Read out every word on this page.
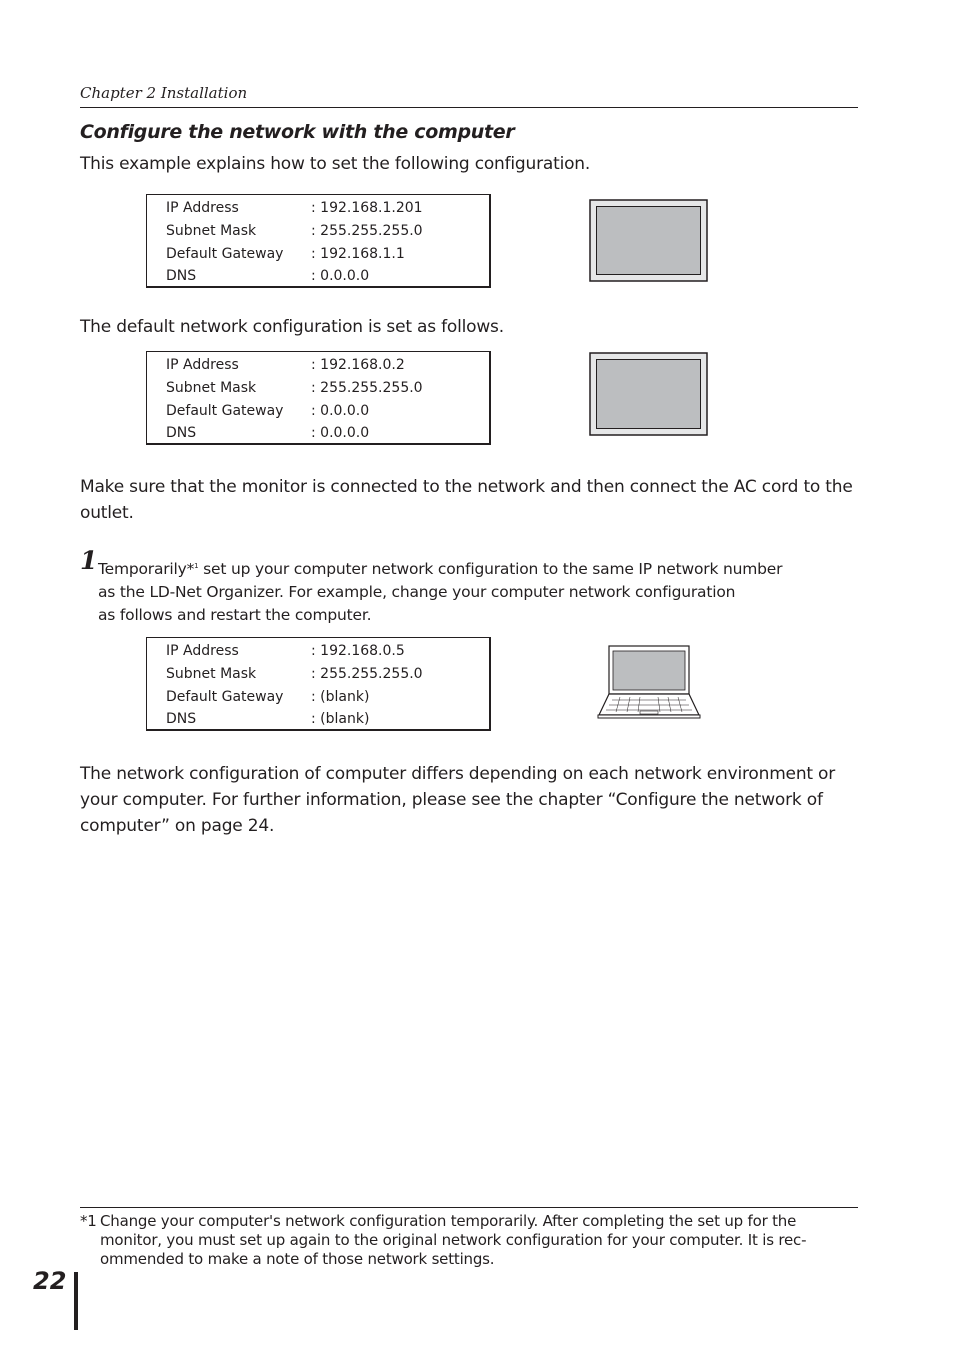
Chapter 2 Installation
Configure the network with the computer
This example explains how to set the following configuration.
IP Address	: 192.168.1.201
Subnet Mask	: 255.255.255.0
Default Gateway	: 192.168.1.1
DNS	: 0.0.0.0
The default network configuration is set as follows.
IP Address	: 192.168.0.2
Subnet Mask	: 255.255.255.0
Default Gateway	: 0.0.0.0
DNS	: 0.0.0.0
Make sure that the monitor is connected to the network and then connect the AC cord to the outlet.
1 Temporarily*$^1$ set up your computer network configuration to the same IP network number
as the LD-Net Organizer. For example, change your computer network configuration
as follows and restart the computer.
IP Address	: 192.168.0.5
Subnet Mask	: 255.255.255.0
Default Gateway	: (blank)
DNS	: (blank)
The network configuration of computer differs depending on each network environment or your computer. For further information, please see the chapter “Configure the network of computer” on page 24.
*1 Change your computer's network configuration temporarily. After completing the set up for the
monitor, you must set up again to the original network configuration for your computer. It is rec-
ommended to make a note of those network settings.
22
